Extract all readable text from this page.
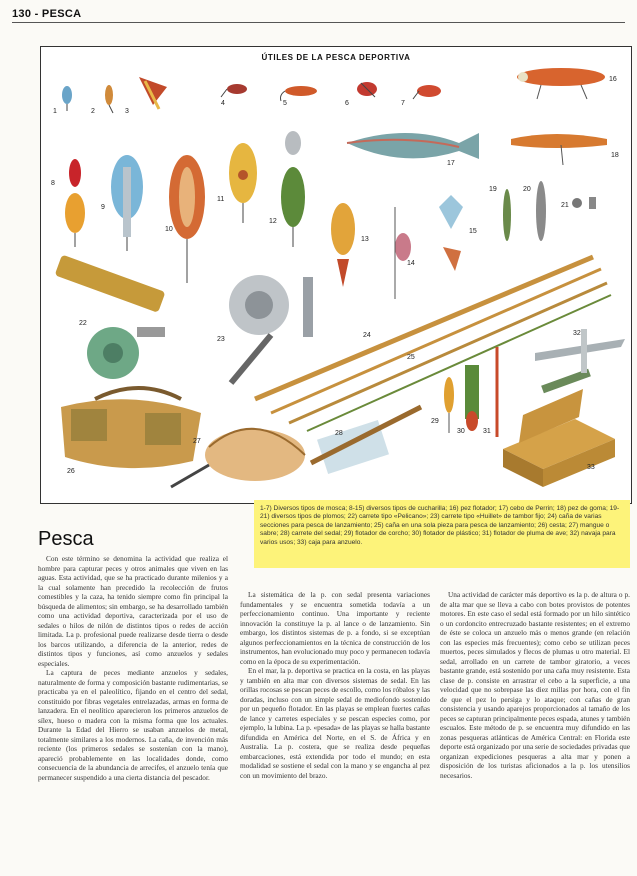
130 - PESCA
ÚTILES DE LA PESCA DEPORTIVA
1	2	3
4	5	6	7
8
9
10
11
12
13
14
15
16
17
18
19	20
21
22
23
24
25
26
27
28
29
30	31
32
33
1-7) Diversos tipos de mosca; 8-15) diversos tipos de cucharilla; 16) pez flotador; 17) cebo de Perrin; 18) pez de goma; 19-21) diversos tipos de plomos; 22) carrete tipo «Pelicano»; 23) carrete tipo «Huillet» de tambor fijo; 24) caña de varias secciones para pesca de lanzamiento; 25) caña en una sola pieza para pesca de lanzamiento; 26) cesta; 27) mangue o sabre; 28) carrete del sedal; 29) flotador de corcho; 30) flotador de plástico; 31) flotador de pluma de ave; 32) navaja para varios usos; 33) caja para anzuelo.
Pesca

Con este término se denomina la actividad que realiza el hombre para capturar peces y otros animales que viven en las aguas. Esta actividad, que se ha practicado durante milenios y a la cual solamente han precedido la recolección de frutos comestibles y la caza, ha tenido siempre como fin principal la búsqueda de alimentos; sin embargo, se ha desarrollado también como una actividad deportiva, caracterizada por el uso de sedales o hilos de nilón de distintos tipos o redes de acción limitada. La p. profesional puede realizarse desde tierra o desde los barcos utilizando, a diferencia de la anterior, redes de distintos tipos y funciones, así como anzuelos y sedales especiales.

La captura de peces mediante anzuelos y sedales, naturalmente de forma y composición bastante rudimentarias, se practicaba ya en el paleolítico, fijando en el centro del sedal, constituido por fibras vegetales entrelazadas, armas en forma de lanzadera. En el neolítico aparecieron los primeros anzuelos de sílex, hueso o madera con la misma forma que los actuales. Durante la Edad del Hierro se usaban anzuelos de metal, totalmente similares a los modernos. La caña, de invención más reciente (los primeros sedales se sostenían con la mano), apareció probablemente en las localidades donde, como consecuencia de la abundancia de arrecifes, el anzuelo tenía que permanecer suspendido a una cierta distancia del pescador.

La sistemática de la p. con sedal presenta variaciones fundamentales y se encuentra sometida todavía a un perfeccionamiento continuo. Una importante y reciente innovación la constituye la p. al lance o de lanzamiento. Sin embargo, los distintos sistemas de p. a fondo, si se exceptúan algunos perfeccionamientos en la técnica de construcción de los instrumentos, han evolucionado muy poco y permanecen todavía como en la época de su experimentación.

En el mar, la p. deportiva se practica en la costa, en las playas y también en alta mar con diversos sistemas de sedal. En las orillas rocosas se pescan peces de escollo, como los róbalos y las doradas, incluso con un simple sedal de mediofondo sostenido por un pequeño flotador. En las playas se emplean fuertes cañas de lance y carretes especiales y se pescan especies como, por ejemplo, la lubina. La p. «pesada» de las playas se halla bastante difundida en América del Norte, en el S. de África y en Australia. La p. costera, que se realiza desde pequeñas embarcaciones, está extendida por todo el mundo; en esta modalidad se sostiene el sedal con la mano y se engancha al pez con un movimiento del brazo.

Una actividad de carácter más deportivo es la p. de altura o p. de alta mar que se lleva a cabo con botes provistos de potentes motores. En este caso el sedal está formado por un hilo sintético o un cordoncito entrecruzado bastante resistentes; en el extremo de éste se coloca un anzuelo más o menos grande (en relación con las especies más frecuentes); como cebo se utilizan peces muertos, peces simulados y flecos de plumas u otro material. El sedal, arrollado en un carrete de tambor giratorio, a veces bastante grande, está sostenido por una caña muy resistente. Esta clase de p. consiste en arrastrar el cebo a la superficie, a una velocidad que no sobrepase las diez millas por hora, con el fin de que el pez lo persiga y lo ataque; con cañas de gran consistencia y usando aparejos proporcionados al tamaño de los peces se capturan principalmente peces espada, atunes y también escualos. Este método de p. se encuentra muy difundido en las zonas pesqueras atlánticas de América Central: en Florida este deporte está organizado por una serie de sociedades privadas que organizan expediciones pesqueras a alta mar y ponen a disposición de los turistas aficionados a la p. los utensilios necesarios.
